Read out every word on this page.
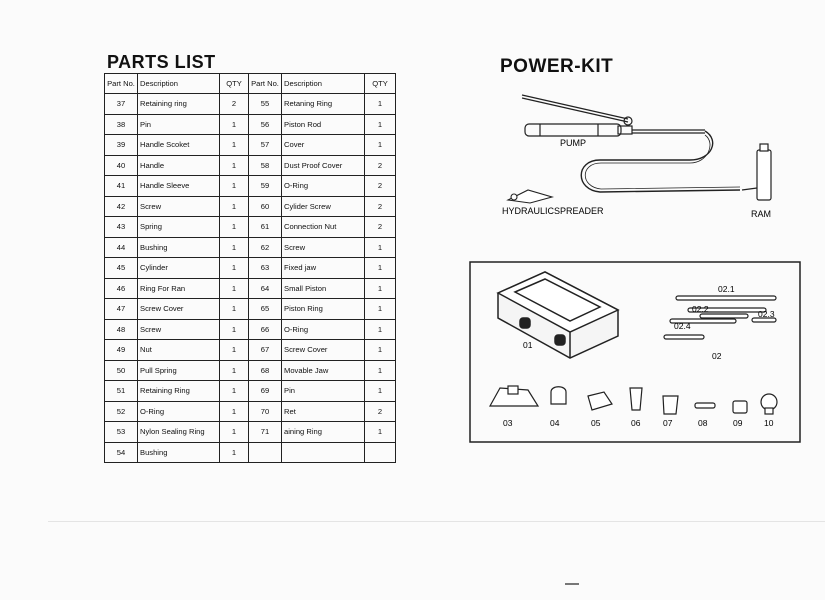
PARTS LIST	POWER-KIT
Part No.	Description	QTY	Part No.	Description	QTY
37	Retaining ring	2	55	Retaning Ring	1
38	Pin	1	56	Piston Rod	1
39	Handle Scoket	1	57	Cover	1
40	Handle	1	58	Dust Proof Cover	2
41	Handle Sleeve	1	59	O-Ring	2
42	Screw	1	60	Cylider Screw	2
43	Spring	1	61	Connection Nut	2
44	Bushing	1	62	Screw	1
45	Cylinder	1	63	Fixed jaw	1
46	Ring For Ran	1	64	Small Piston	1
47	Screw Cover	1	65	Piston Ring	1
48	Screw	1	66	O-Ring	1
49	Nut	1	67	Screw Cover	1
50	Pull Spring	1	68	Movable Jaw	1
51	Retaining Ring	1	69	Pin	1
52	O-Ring	1	70	Ret	2
53	Nylon Sealing Ring	1	71	aining Ring	1
54	Bushing	1			
PUMP
HYDRAULICSPREADER	RAM
01
02
02.1
02.2	02.3
02.4
03	04	05	06	07	08	09	10
